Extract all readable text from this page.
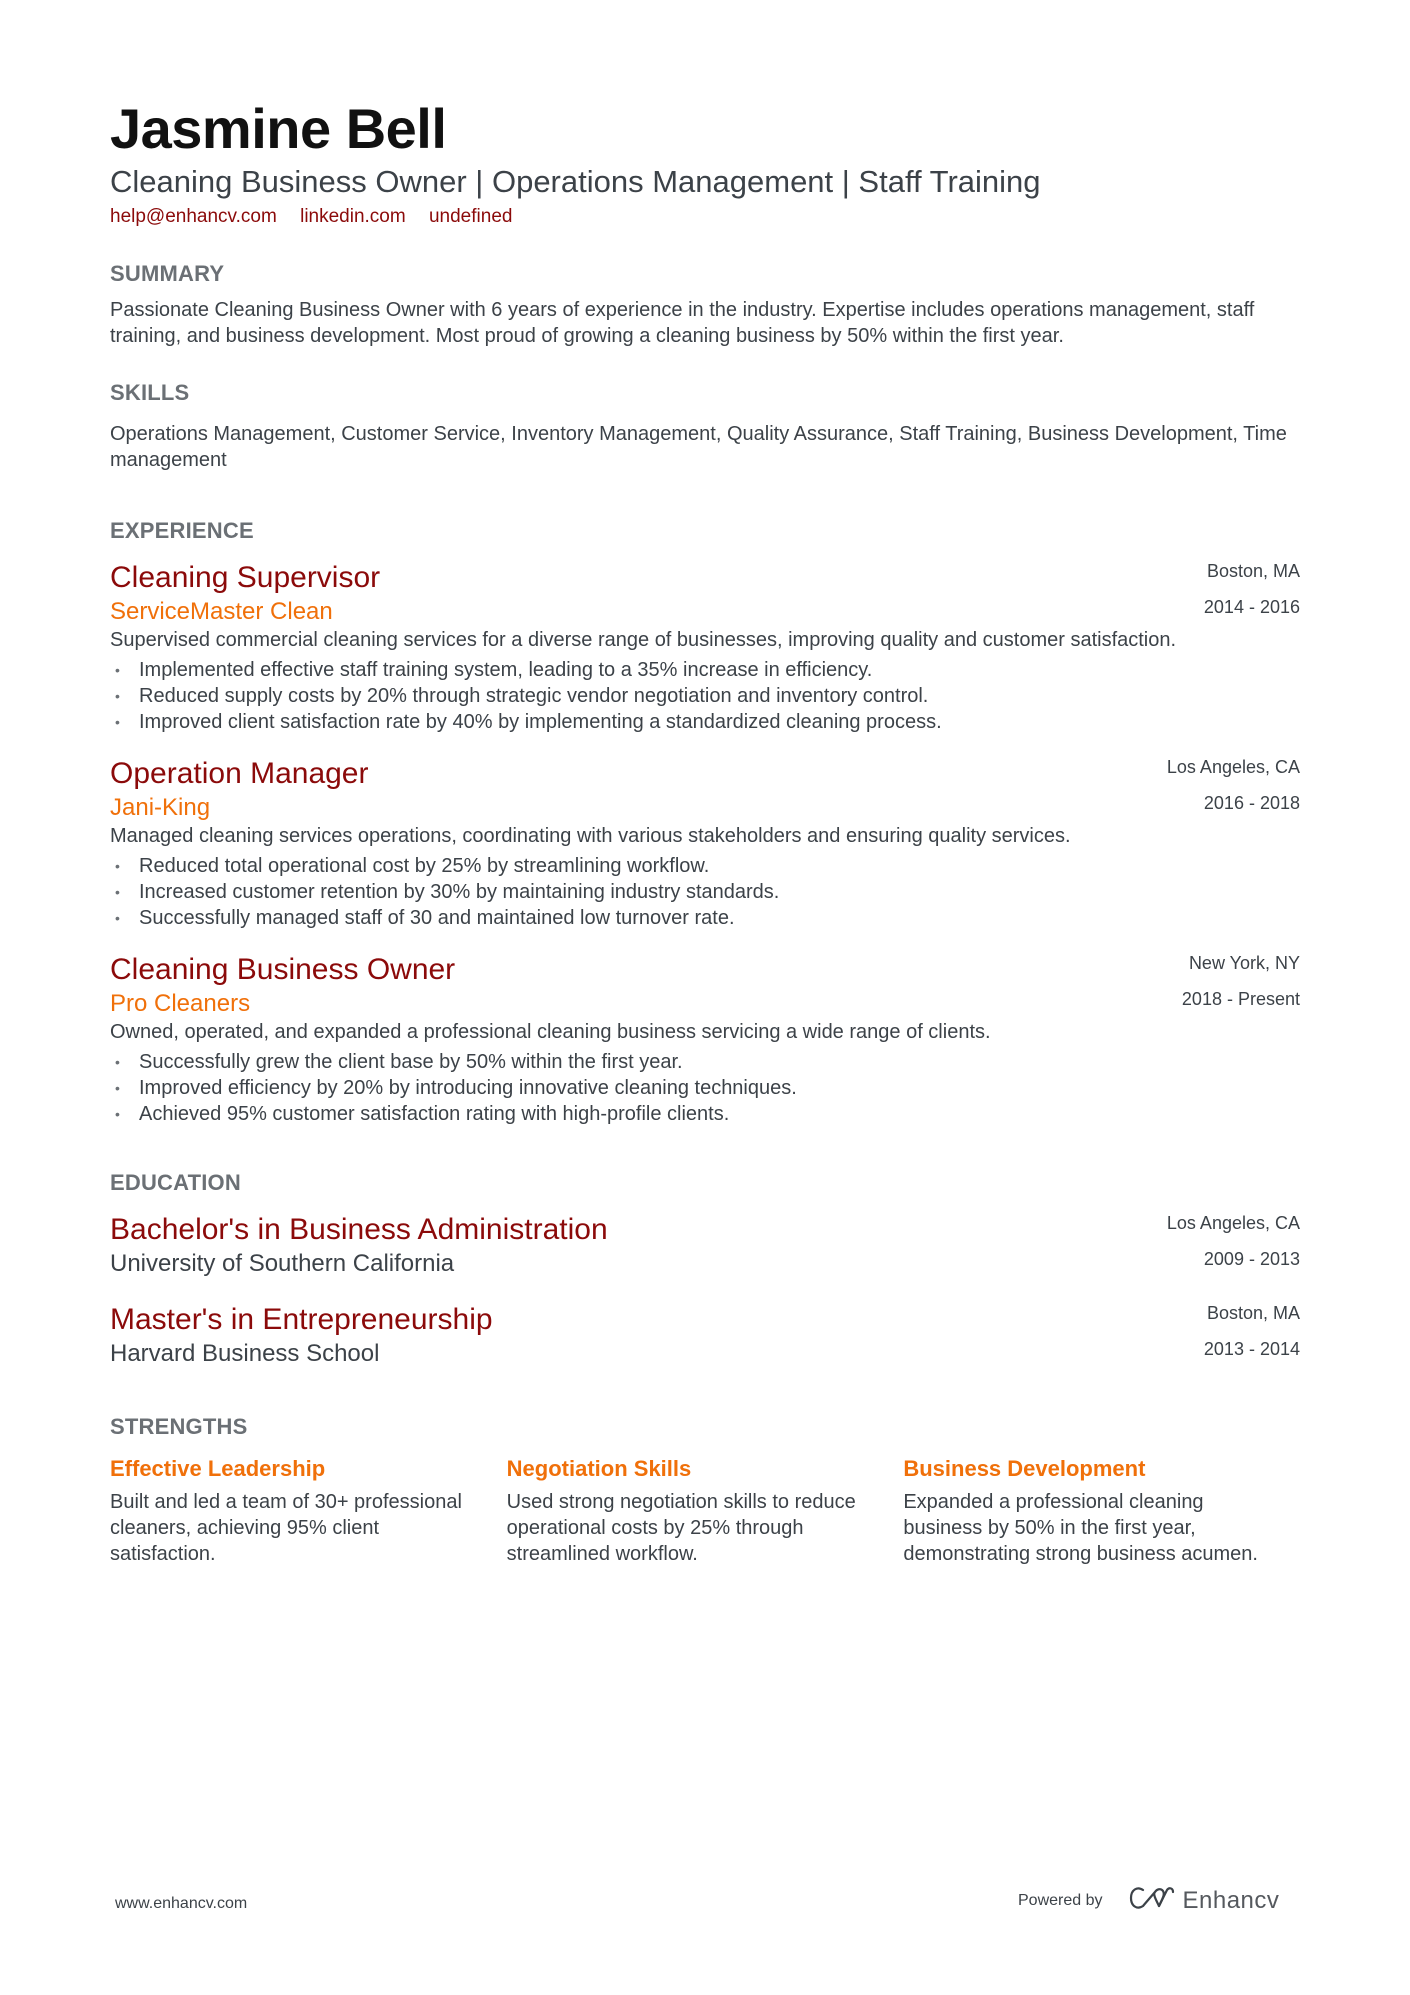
Jasmine Bell
Cleaning Business Owner | Operations Management | Staff Training
help@enhancv.com linkedin.com undefined
SUMMARY
Passionate Cleaning Business Owner with 6 years of experience in the industry. Expertise includes operations management, staff training, and business development. Most proud of growing a cleaning business by 50% within the first year.
SKILLS
Operations Management, Customer Service, Inventory Management, Quality Assurance, Staff Training, Business Development, Time management
EXPERIENCE
Boston, MA
2014 - 2016
Cleaning Supervisor
ServiceMaster Clean
Supervised commercial cleaning services for a diverse range of businesses, improving quality and customer satisfaction.
• Implemented effective staff training system, leading to a 35% increase in efficiency.
• Reduced supply costs by 20% through strategic vendor negotiation and inventory control.
• Improved client satisfaction rate by 40% by implementing a standardized cleaning process.
Los Angeles, CA
2016 - 2018
Operation Manager
Jani-King
Managed cleaning services operations, coordinating with various stakeholders and ensuring quality services.
• Reduced total operational cost by 25% by streamlining workflow.
• Increased customer retention by 30% by maintaining industry standards.
• Successfully managed staff of 30 and maintained low turnover rate.
New York, NY
2018 - Present
Cleaning Business Owner
Pro Cleaners
Owned, operated, and expanded a professional cleaning business servicing a wide range of clients.
• Successfully grew the client base by 50% within the first year.
• Improved efficiency by 20% by introducing innovative cleaning techniques.
• Achieved 95% customer satisfaction rating with high-profile clients.
EDUCATION
Los Angeles, CA
2009 - 2013
Bachelor's in Business Administration
University of Southern California
Boston, MA
2013 - 2014
Master's in Entrepreneurship
Harvard Business School
STRENGTHS
Effective Leadership
Built and led a team of 30+ professional cleaners, achieving 95% client satisfaction.
Negotiation Skills
Used strong negotiation skills to reduce operational costs by 25% through streamlined workflow.
Business Development
Expanded a professional cleaning business by 50% in the first year, demonstrating strong business acumen.
www.enhancv.com	Powered by	Enhancv
